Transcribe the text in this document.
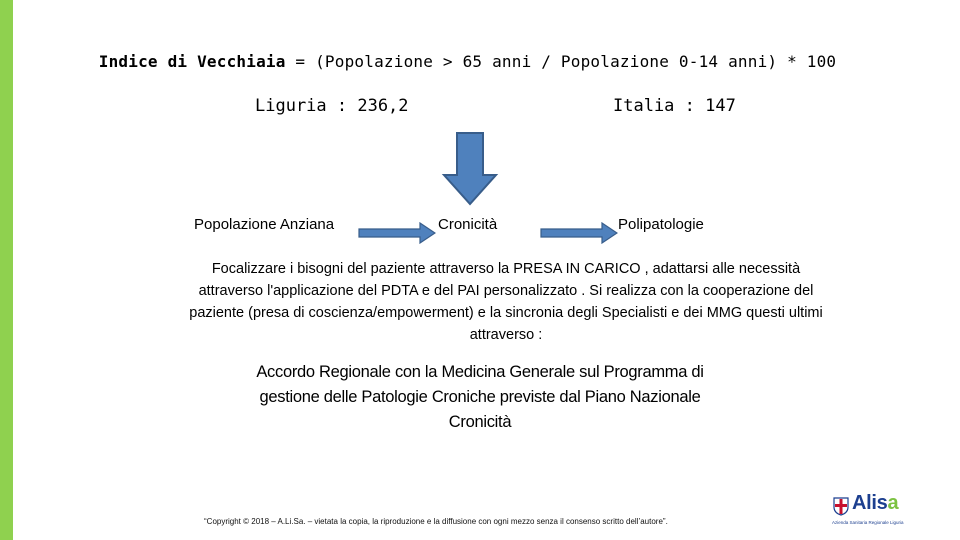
Indice di Vecchiaia = (Popolazione > 65 anni / Popolazione 0-14 anni) * 100
Liguria : 236,2	Italia : 147
Popolazione Anziana	Cronicità	Polipatologie
Focalizzare i bisogni del paziente attraverso la PRESA IN CARICO , adattarsi alle necessità attraverso l'applicazione del PDTA e del PAI personalizzato . Si realizza con la cooperazione del paziente (presa di coscienza/empowerment) e la sincronia degli Specialisti e dei MMG questi ultimi attraverso :
Accordo Regionale con la Medicina Generale sul Programma di gestione delle Patologie Croniche previste dal Piano Nazionale Cronicità
“Copyright © 2018 – A.Li.Sa. – vietata la copia, la riproduzione e la diffusione con ogni mezzo senza il consenso scritto dell’autore”.
Alisa
Azienda Sanitaria Regionale Liguria
